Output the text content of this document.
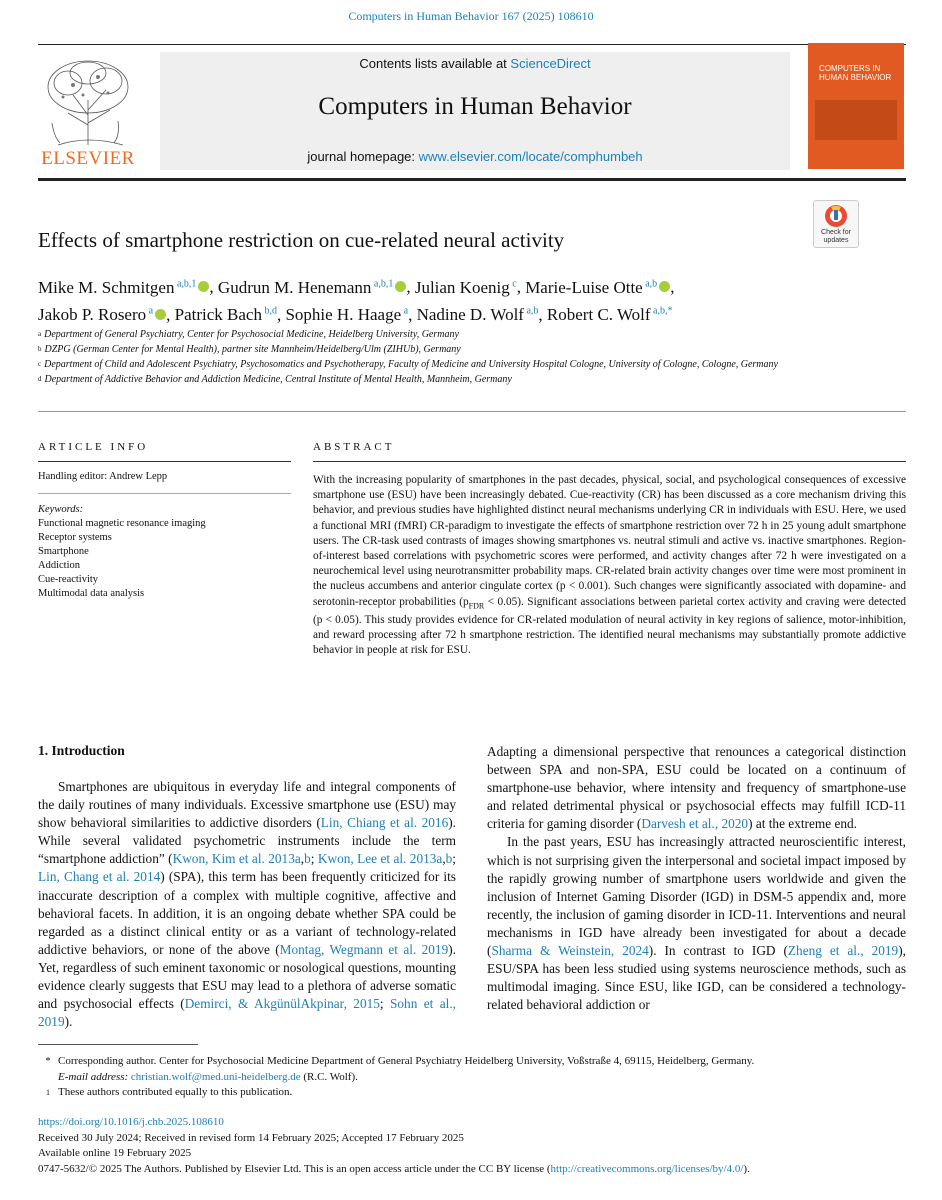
Computers in Human Behavior 167 (2025) 108610
ELSEVIER
Contents lists available at ScienceDirect
Computers in Human Behavior
journal homepage: www.elsevier.com/locate/comphumbeh
COMPUTERS IN HUMAN BEHAVIOR
Effects of smartphone restriction on cue-related neural activity	Check for updates
Mike M. Schmitgen $^{a,b,1}$ , Gudrun M. Henemann $^{a,b,1}$ , Julian Koenig $^c$, Marie-Luise Otte $^{a,b}$ ,
Jakob P. Rosero $^a$ , Patrick Bach $^{b,d}$, Sophie H. Haage $^a$, Nadine D. Wolf $^{a,b}$, Robert C. Wolf $^{a,b,*}$
$^a$ Department of General Psychiatry, Center for Psychosocial Medicine, Heidelberg University, Germany
$^b$ DZPG (German Center for Mental Health), partner site Mannheim/Heidelberg/Ulm (ZIHUb), Germany
$^c$ Department of Child and Adolescent Psychiatry, Psychosomatics and Psychotherapy, Faculty of Medicine and University Hospital Cologne, University of Cologne, Cologne, Germany
$^d$ Department of Addictive Behavior and Addiction Medicine, Central Institute of Mental Health, Mannheim, Germany
ARTICLE INFO
Handling editor: Andrew Lepp
Keywords:
Functional magnetic resonance imaging
Receptor systems
Smartphone
Addiction
Cue-reactivity
Multimodal data analysis
ABSTRACT
With the increasing popularity of smartphones in the past decades, physical, social, and psychological consequences of excessive smartphone use (ESU) have been increasingly debated. Cue-reactivity (CR) has been discussed as a core mechanism driving this behavior, and previous studies have highlighted distinct neural mechanisms underlying CR in individuals with ESU. Here, we used a functional MRI (fMRI) CR-paradigm to investigate the effects of smartphone restriction over 72 h in 25 young adult smartphone users. The CR-task used contrasts of images showing smartphones vs. neutral stimuli and active vs. inactive smartphones. Region-of-interest based correlations with psychometric scores were performed, and activity changes after 72 h were investigated on a neurochemical level using neurotransmitter probability maps. CR-related brain activity changes over time were most prominent in the nucleus accumbens and anterior cingulate cortex (p < 0.001). Such changes were significantly associated with dopamine- and serotonin-receptor probabilities $(p_{FDR} < 0.05)$. Significant associations between parietal cortex activity and craving were detected (p < 0.05). This study provides evidence for CR-related modulation of neural activity in key regions of salience, motor-inhibition, and reward processing after 72 h smartphone restriction. The identified neural mechanisms may substantially promote addictive behavior in people at risk for ESU.
1. Introduction

Smartphones are ubiquitous in everyday life and integral components of the daily routines of many individuals. Excessive smartphone use (ESU) may show behavioral similarities to addictive disorders (Lin, Chiang et al. 2016). While several validated psychometric instruments include the term “smartphone addiction” (Kwon, Kim et al. 2013a,b; Kwon, Lee et al. 2013a,b; Lin, Chang et al. 2014) (SPA), this term has been frequently criticized for its inaccurate description of a complex with multiple cognitive, affective and behavioral facets. In addition, it is an ongoing debate whether SPA could be regarded as a distinct clinical entity or as a variant of technology-related addictive behaviors, or none of the above (Montag, Wegmann et al. 2019). Yet, regardless of such eminent taxonomic or nosological questions, mounting evidence clearly suggests that ESU may lead to a plethora of adverse somatic and psychosocial effects (Demirci, & AkgünülAkpinar, 2015; Sohn et al., 2019).

Adapting a dimensional perspective that renounces a categorical distinction between SPA and non-SPA, ESU could be located on a continuum of smartphone-use behavior, where intensity and frequency of smartphone-use and related detrimental physical or psychosocial effects may fulfill ICD-11 criteria for gaming disorder (Darvesh et al., 2020) at the extreme end.

In the past years, ESU has increasingly attracted neuroscientific interest, which is not surprising given the interpersonal and societal impact imposed by the rapidly growing number of smartphone users worldwide and given the inclusion of Internet Gaming Disorder (IGD) in DSM-5 appendix and, more recently, the inclusion of gaming disorder in ICD-11. Interventions and neural mechanisms in IGD have already been investigated for about a decade (Sharma & Weinstein, 2024). In contrast to IGD (Zheng et al., 2019), ESU/SPA has been less studied using systems neuroscience methods, such as multimodal imaging. Since ESU, like IGD, can be considered a technology-related behavioral addiction or

* Corresponding author. Center for Psychosocial Medicine Department of General Psychiatry Heidelberg University, Voßstraße 4, 69115, Heidelberg, Germany.
E-mail address: christian.wolf@med.uni-heidelberg.de (R.C. Wolf).
1 These authors contributed equally to this publication.
https://doi.org/10.1016/j.chb.2025.108610
Received 30 July 2024; Received in revised form 14 February 2025; Accepted 17 February 2025
Available online 19 February 2025
0747-5632/© 2025 The Authors. Published by Elsevier Ltd. This is an open access article under the CC BY license (http://creativecommons.org/licenses/by/4.0/).
